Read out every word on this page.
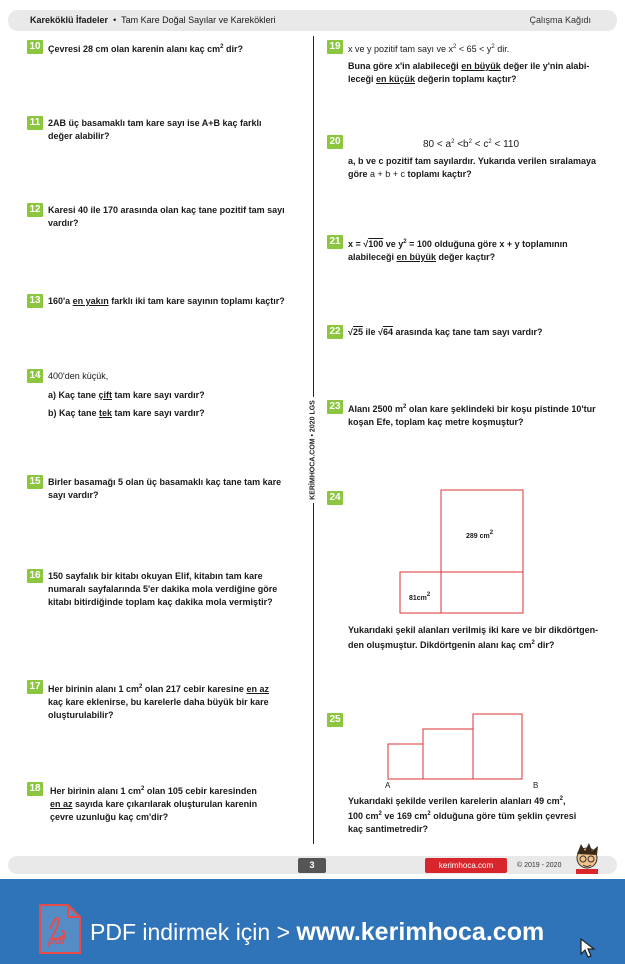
Kareköklü İfadeler  •  Tam Kare Doğal Sayılar ve Karekökleri	Çalışma Kağıdı
KERİMHOCA.COM • 2020 LGS
10 Çevresi 28 cm olan karenin alanı kaç $cm^2$ dir?
11 2AB üç basamaklı tam kare sayı ise A+B kaç farklı
değer alabilir?
12 Karesi 40 ile 170 arasında olan kaç tane pozitif tam sayı
vardır?
13 160'a en yakın farklı iki tam kare sayının toplamı kaçtır?
14 400'den küçük,
a) Kaç tane çift tam kare sayı vardır?
b) Kaç tane tek tam kare sayı vardır?
15 Birler basamağı 5 olan üç basamaklı kaç tane tam kare
sayı vardır?
16 150 sayfalık bir kitabı okuyan Elif, kitabın tam kare
numaralı sayfalarında 5'er dakika mola verdiğine göre
kitabı bitirdiğinde toplam kaç dakika mola vermiştir?
17 Her birinin alanı 1 $cm^2$ olan 217 cebir karesine en az
kaç kare eklenirse, bu karelerle daha büyük bir kare
oluşturulabilir?
18 Her birinin alanı 1 $cm^2$ olan 105 cebir karesinden
en az sayıda kare çıkarılarak oluşturulan karenin
çevre uzunluğu kaç cm'dir?
19 x ve y pozitif tam sayı ve $x^2 < 65 < y^2$ dir.
Buna göre x'in alabileceği en büyük değer ile y'nin alabi-
leceği en küçük değerin toplamı kaçtır?
20	$80 < a^2 <b^2 < c^2 < 110$
a, b ve c pozitif tam sayılardır. Yukarıda verilen sıralamaya
göre a + b + c toplamı kaçtır?
21 x = √100 ve $y^2 = 100$ olduğuna göre x + y toplamının
alabileceği en büyük değer kaçtır?
22 √25 ile √64 arasında kaç tane tam sayı vardır?
23 Alanı 2500 $m^2$ olan kare şeklindeki bir koşu pistinde 10'tur
koşan Efe, toplam kaç metre koşmuştur?
24
289 $cm^2$
$81cm^2$
Yukarıdaki şekil alanları verilmiş iki kare ve bir dikdörtgen-
den oluşmuştur. Dikdörtgenin alanı kaç $cm^2$ dir?
25
A	B
Yukarıdaki şekilde verilen karelerin alanları 49 $cm^2$,
100 $cm^2$ ve 169 $cm^2$ olduğuna göre tüm şeklin çevresi
kaç santimetredir?
3	kerimhoca.com	© 2019 - 2020
pdf PDF indirmek için > www.kerimhoca.com
